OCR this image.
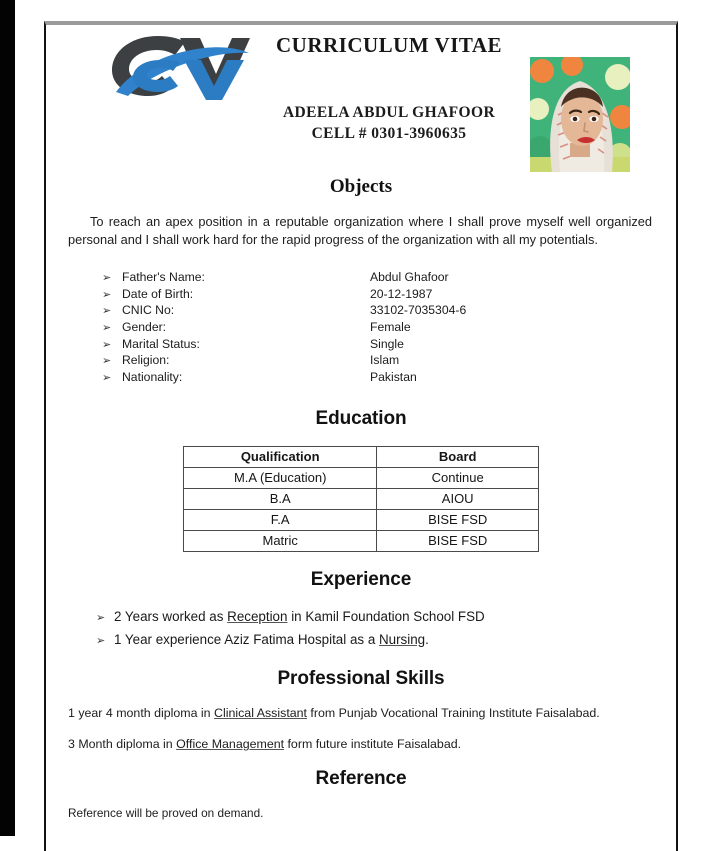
CURRICULUM VITAE
ADEELA ABDUL GHAFOOR
CELL # 0301-3960635
Objects

To reach an apex position in a reputable organization where I shall prove myself well organized personal and I shall work hard for the rapid progress of the organization with all my potentials.

➢ Father's Name:	Abdul Ghafoor
➢ Date of Birth:	20-12-1987
➢ CNIC No:	33102-7035304-6
➢ Gender:	Female
➢ Marital Status:	Single
➢ Religion:	Islam
➢ Nationality:	Pakistan
Education
Qualification	Board
M.A (Education)	Continue
B.A	AIOU
F.A	BISE FSD
Matric	BISE FSD
Experience
➢ 2 Years worked as Reception in Kamil Foundation School FSD
➢ 1 Year experience Aziz Fatima Hospital as a Nursing.
Professional Skills

1 year 4 month diploma in Clinical Assistant from Punjab Vocational Training Institute Faisalabad.

3 Month diploma in Office Management form future institute Faisalabad.

Reference

Reference will be proved on demand.
